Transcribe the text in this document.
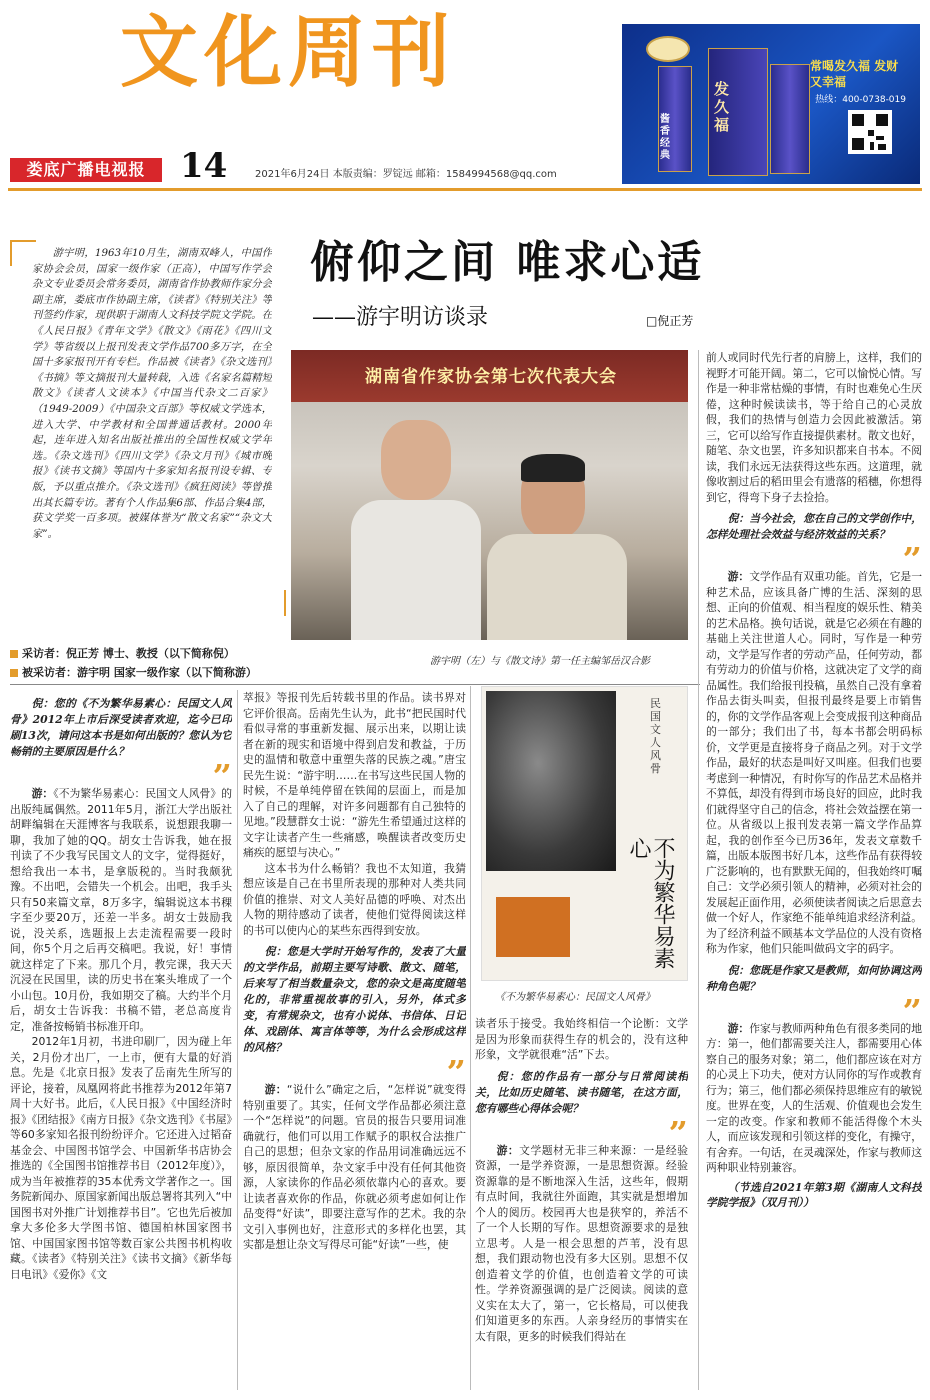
文化周刊
娄底广播电视报	14	2021年6月24日 本版责编：罗锭远 邮箱：1584994568@qq.com
发久福
酱香经典
常喝发久福 发财又幸福
热线：400-0738-019
俯仰之间 唯求心适
——游宇明访谈录	□倪正芳

游宇明，1963年10月生，湖南双峰人，中国作家协会会员，国家一级作家（正高），中国写作学会杂文专业委员会常务委员，湖南省作协教师作家分会副主席，娄底市作协副主席，《读者》《特别关注》等刊签约作家，现供职于湖南人文科技学院文学院。在《人民日报》《青年文学》《散文》《雨花》《四川文学》等省级以上报刊发表文学作品700多万字，在全国十多家报刊开有专栏。作品被《读者》《杂文选刊》《书摘》等文摘报刊大量转载，入选《名家名篇精短散文》《读者人文读本》《中国当代杂文二百家》（1949-2009）《中国杂文百部》等权威文学选本，进入大学、中学教材和全国普通话教材。2000年起，连年进入知名出版社推出的全国性权威文学年选。《杂文选刊》《四川文学》《杂文月刊》《城市晚报》《读书文摘》等国内十多家知名报刊设专辑、专版，予以重点推介。《杂文选刊》《疯狂阅读》等曾推出其长篇专访。著有个人作品集6部、作品合集4部，获文学奖一百多项。被媒体誉为“散文名家”“杂文大家”。

湖南省作家协会第七次代表大会
游宇明（左）与《散文诗》第一任主编邹岳汉合影
采访者：倪正芳 博士、教授（以下简称倪）
被采访者：游宇明 国家一级作家（以下简称游）
民国文人风骨
不为繁华易素心
《不为繁华易素心：民国文人风骨》

倪：您的《不为繁华易素心：民国文人风骨》2012年上市后深受读者欢迎，迄今已印刷13次，请问这本书是如何出版的？您认为它畅销的主要原因是什么？

”

游：《不为繁华易素心：民国文人风骨》的出版纯属偶然。2011年5月，浙江大学出版社胡畔编辑在天涯博客与我联系，说想跟我聊一聊，我加了她的QQ。胡女士告诉我，她在报刊读了不少我写民国文人的文字，觉得挺好，想给我出一本书，是拿版税的。当时我颇犹豫。不出吧，会错失一个机会。出吧，我手头只有50来篇文章，8万多字，编辑说这本书稞字至少要20万，还差一半多。胡女士鼓励我说，没关系，选题报上去走流程需要一段时间，你5个月之后再交稿吧。我说，好！事情就这样定了下来。那几个月，教完课，我天天沉浸在民国里，读的历史书在案头堆成了一个小山包。10月份，我如期交了稿。大约半个月后，胡女士告诉我：书稿不错，老总高度肯定，准备按畅销书标准开印。

2012年1月初，书进印刷厂，因为碰上年关，2月份才出厂，一上市，便有大量的好消息。先是《北京日报》发表了岳南先生所写的评论，接着，凤凰网将此书推荐为2012年第7周十大好书。此后，《人民日报》《中国经济时报》《团结报》《南方日报》《杂文选刊》《书屋》等60多家知名报刊纷纷评介。它还进入过韬奋基金会、中国图书馆学会、中国新华书店协会推选的《全国图书馆推荐书目（2012年度）》，成为当年被推荐的35本优秀文学著作之一。国务院新闻办、原国家新闻出版总署将其列入“中国图书对外推广计划推荐书目”。它也先后被加拿大多伦多大学图书馆、德国柏林国家图书馆、中国国家图书馆等数百家公共图书机构收藏。《读者》《特别关注》《读书文摘》《新华每日电讯》《爱你》《文

萃报》等报刊先后转载书里的作品。读书界对它评价很高。岳南先生认为，此书“把民国时代看似寻常的事重新发掘、展示出来，以期让读者在新的现实和语境中得到启发和教益，于历史的温情和敬意中重塑失落的民族之魂。”唐宝民先生说：“游宇明……在书写这些民国人物的时候，不是单纯停留在铁闻的层面上，而是加入了自己的理解，对许多问题都有自己独特的见地。”段慧群女士说：“游先生希望通过这样的文字让读者产生一些痛感，唤醒读者改变历史痛疾的愿望与决心。”

这本书为什么畅销？我也不太知道，我猜想应该是自己在书里所表现的那种对人类共同价值的推崇、对文人美好品德的呼唤、对杰出人物的期待感动了读者，使他们觉得阅读这样的书可以使内心的某些东西得到安放。

倪：您是大学时开始写作的，发表了大量的文学作品，前期主要写诗歌、散文、随笔，后来写了相当数量杂文，您的杂文是高度随笔化的，非常重视故事的引入，另外，体式多变，有常规杂文，也有小说体、书信体、日记体、戏剧体、寓言体等等，为什么会形成这样的风格？

”

游：“说什么”确定之后，“怎样说”就变得特别重要了。其实，任何文学作品都必须注意一个“怎样说”的问题。官员的报告只要用词准确就行，他们可以用工作赋予的职权合法推广自己的思想；但杂文家的作品用词准确远远不够，原因很简单，杂文家手中没有任何其他资源，人家读你的作品必须依靠内心的喜欢。要让读者喜欢你的作品，你就必须考虑如何让作品变得“好读”，即要注意写作的艺术。我的杂文引入事例也好，注意形式的多样化也罢，其实都是想让杂文写得尽可能“好读”一些，使

读者乐于接受。我始终相信一个论断：文学是因为形象而获得生存的机会的，没有这种形象，文学就很难“活”下去。

倪：您的作品有一部分与日常阅读相关，比如历史随笔、读书随笔，在这方面，您有哪些心得体会呢？

”

游：文学题材无非三种来源：一是经验资源，一是学养资源，一是思想资源。经验资源靠的是不断地深入生活，这些年，假期有点时间，我就往外面跑，其实就是想增加个人的阅历。校园再大也是狭窄的，养活不了一个人长期的写作。思想资源要求的是独立思考。人是一根会思想的芦苇，没有思想，我们跟动物也没有多大区别。思想不仅创造着文学的价值，也创造着文学的可读性。学养资源强调的是广泛阅读。阅读的意义实在太大了，第一，它长格局，可以使我们知道更多的东西。人亲身经历的事情实在太有限，更多的时候我们得站在

前人或同时代先行者的肩膀上，这样，我们的视野才可能开阔。第二，它可以愉悦心情。写作是一种非常枯燥的事情，有时也难免心生厌倦，这种时候读读书，等于给自己的心灵放假，我们的热情与创造力会因此被激活。第三，它可以给写作直接提供素材。散文也好，随笔、杂文也罢，许多知识都来自书本。不阅读，我们永远无法获得这些东西。这道理，就像收割过后的稻田里会有遗落的稻穗，你想得到它，得弯下身子去捡拾。

倪：当今社会，您在自己的文学创作中，怎样处理社会效益与经济效益的关系？

”

游：文学作品有双重功能。首先，它是一种艺术品，应该具备广博的生活、深刻的思想、正向的价值观、相当程度的娱乐性、精美的艺术品格。换句话说，就是它必须在有趣的基础上关注世道人心。同时，写作是一种劳动，文学是写作者的劳动产品，任何劳动，都有劳动力的价值与价格，这就决定了文学的商品属性。我们给报刊投稿，虽然自己没有拿着作品去街头叫卖，但报刊最终是要上市销售的，你的文学作品客观上会变成报刊这种商品的一部分；我们出了书，每本书都会明码标价，文学更是直接将身子商品之列。对于文学作品，最好的状态是叫好又叫座。但我们也要考虑到一种情况，有时你写的作品艺术品格并不算低，却没有得到市场良好的回应，此时我们就得坚守自己的信念，将社会效益摆在第一位。从省级以上报刊发表第一篇文学作品算起，我的创作至今已历36年，发表文章数千篇，出版本版图书好几本，这些作品有获得较广泛影响的，也有默默无闻的，但我始终叮嘱自己：文学必须引领人的精神，必须对社会的发展起正面作用，必须使读者阅读之后思意去做一个好人，作家绝不能单纯追求经济利益。为了经济利益不顾基本文学品位的人没有资格称为作家，他们只能叫做码文字的码字。

倪：您既是作家又是教师，如何协调这两种角色呢？

”

游：作家与教师两种角色有很多类同的地方：第一，他们都需要关注人，都需要用心体察自己的服务对象；第二，他们都应该在对方的心灵上下功夫，使对方认同你的写作或教育行为；第三，他们都必须保持思维应有的敏锐度。世界在变，人的生活观、价值观也会发生一定的改变。作家和教师不能活得像个木头人，而应该发现和引领这样的变化，有操守，有舍弃。一句话，在灵魂深处，作家与教师这两种职业特别兼容。

（节选自2021年第3期《湖南人文科技学院学报》（双月刊））
